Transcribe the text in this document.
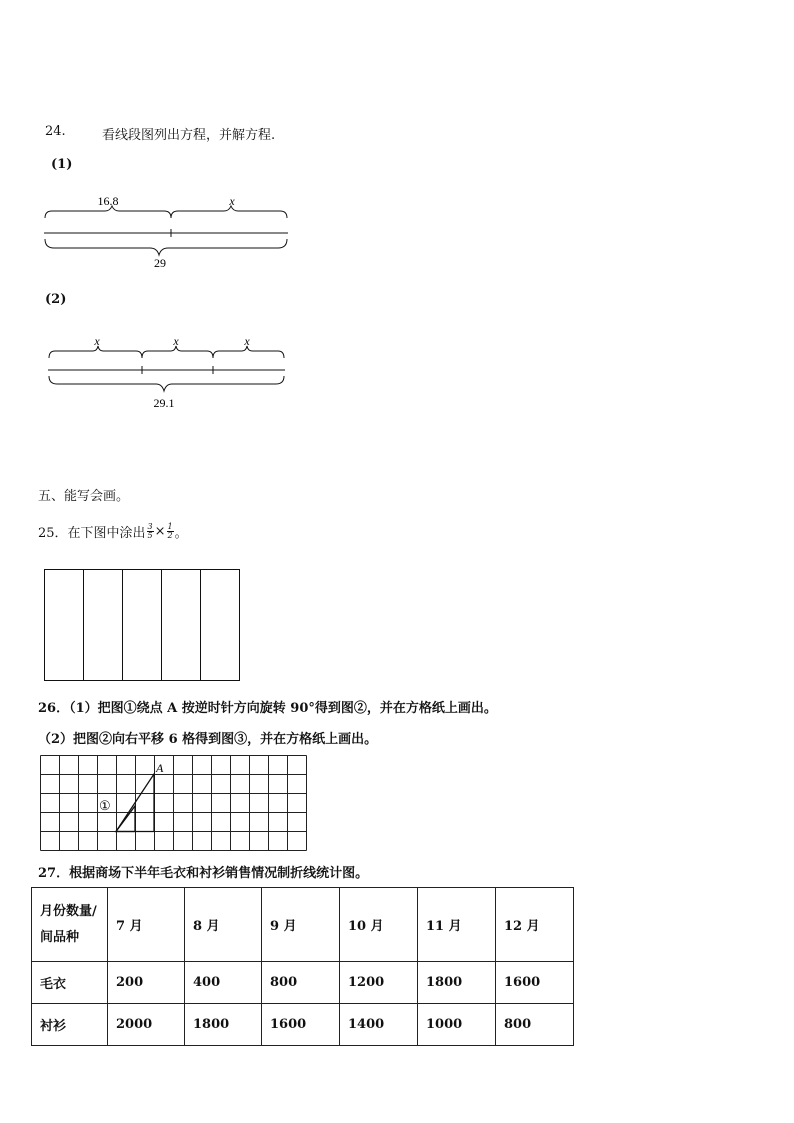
24.	看线段图列出方程，并解方程.
(1)
16.8	x
29
(2)
x	x	x
29.1
五、能写会画。
25．在下图中涂出 $\frac{3}{5} \times \frac{1}{2}$ 。
26．（1）把图①绕点 A 按逆时针方向旋转 90°得到图②，并在方格纸上画出。
（2）把图②向右平移 6 格得到图③，并在方格纸上画出。
A
①
27．根据商场下半年毛衣和衬衫销售情况制折线统计图。
月份数量/
间品种	7 月	8 月	9 月	10 月	11 月	12 月
毛衣	200	400	800	1200	1800	1600
衬衫	2000	1800	1600	1400	1000	800
